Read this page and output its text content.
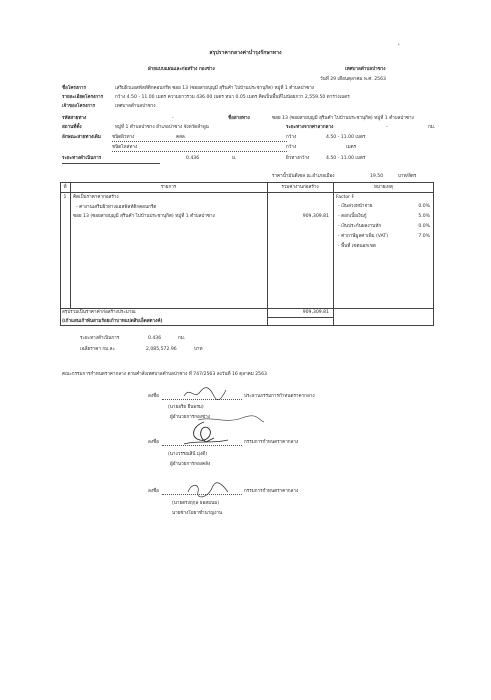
สรุปราคากลางค่าบำรุงรักษาทาง
'
ฝ่ายแบบแผนและก่อสร้าง กองช่าง	เทศบาลตำบลป่าซาง
วันที่ 29 เดือนตุลาคม พ.ศ. 2563
ชื่อโครงการ	เสริมผิวแอสฟัลท์ติกคอนกรีต ซอย 13 (ซอยสายบุญมี สุรินคำ ไปบ้านประชานุกิต) หมู่ที่ 1 ตำบลป่าซาง
รายละเอียดโครงการ	กว้าง 4.50 - 11.00 เมตร ความยาวรวม 436.00 เมตร หนา 0.05 เมตร คิดเป็นพื้นที่ไม่น้อยกว่า 2,559.50 ตารางเมตร
เจ้าของโครงการ	เทศบาลตำบลป่าซาง
รหัสสายทาง	-	ชื่อสายทาง	ซอย 13 (ซอยสายบุญมี สุรินคำ ไปบ้านประชานุกิต) หมู่ที่ 1 ตำบลป่าซาง
สถานที่ตั้ง	หมู่ที่ 1 ตำบลป่าซาง อำเภอป่าซาง จังหวัดลำพูน	ระยะทางจากศาลากลาง	-	กม.
ลักษณะสายทางเดิม ชนิดผิวทาง	คสล.	กว้าง	4.50 - 11.00 เมตร
ชนิดไหล่ทาง	กว้าง	เมตร
ระยะทางดำเนินการ	0.436	ม.	ผิวทางกว้าง	4.50 - 11.00 เมตร
ราคาน้ำมันดีเซล ณ.อำเภอเมือง	19.50	บาท/ลิตร
ที่	รายการ	รวมค่างานก่อสร้าง	หมายเหตุ
1	คิดเป็นราคาค่าก่อสร้าง
- ค่างานเสริมผิวทางแอสฟัลท์ติกคอนกรีต
ซอย 13 (ซอยสายบุญมี สุรินคำ ไปบ้านประชานุกิต) หมู่ที่ 1 ตำบลป่าซาง	909,309.81
Factor F
- เงินล่วงหน้าจ่าย	0.0%
- ดอกเบี้ยเงินกู้	5.0%
- เงินประกันผลงานหัก	0.0%
- ค่าภาษีมูลค่าเพิ่ม (VAT)	7.0%
- พื้นที่ เขตนอกเขต
สรุปรวมเป็นราคาค่าก่อสร้างประมาณ	909,309.81
(เก้าแสนเก้าพันสามร้อยเก้าบาทแปดสิบเอ็ดสตางค์)
ระยะทางดำเนินการ	0.436	กม.
เฉลี่ยราคา กม.ละ	2,085,572.96	บาท
คณะกรรมการกำหนดราคากลาง ตามคำสั่งเทศบาลตำบลป่าซาง ที่ 747/2563 ลงวันที่ 16 ตุลาคม 2563
ลงชื่อ	ประธานกรรมการกำหนดราคากลาง
(นายอริย ยืนพรม)
ผู้อำนวยการกองช่าง
ลงชื่อ	กรรมการกำหนดราคากลาง
(นางวรรณสินี มุ่งดี)
ผู้อำนวยการกองคลัง
ลงชื่อ	กรรมการกำหนดราคากลาง
(นายดรงฤกุล ธอสมนม)
นายช่างโยธาชำนาญงาน
